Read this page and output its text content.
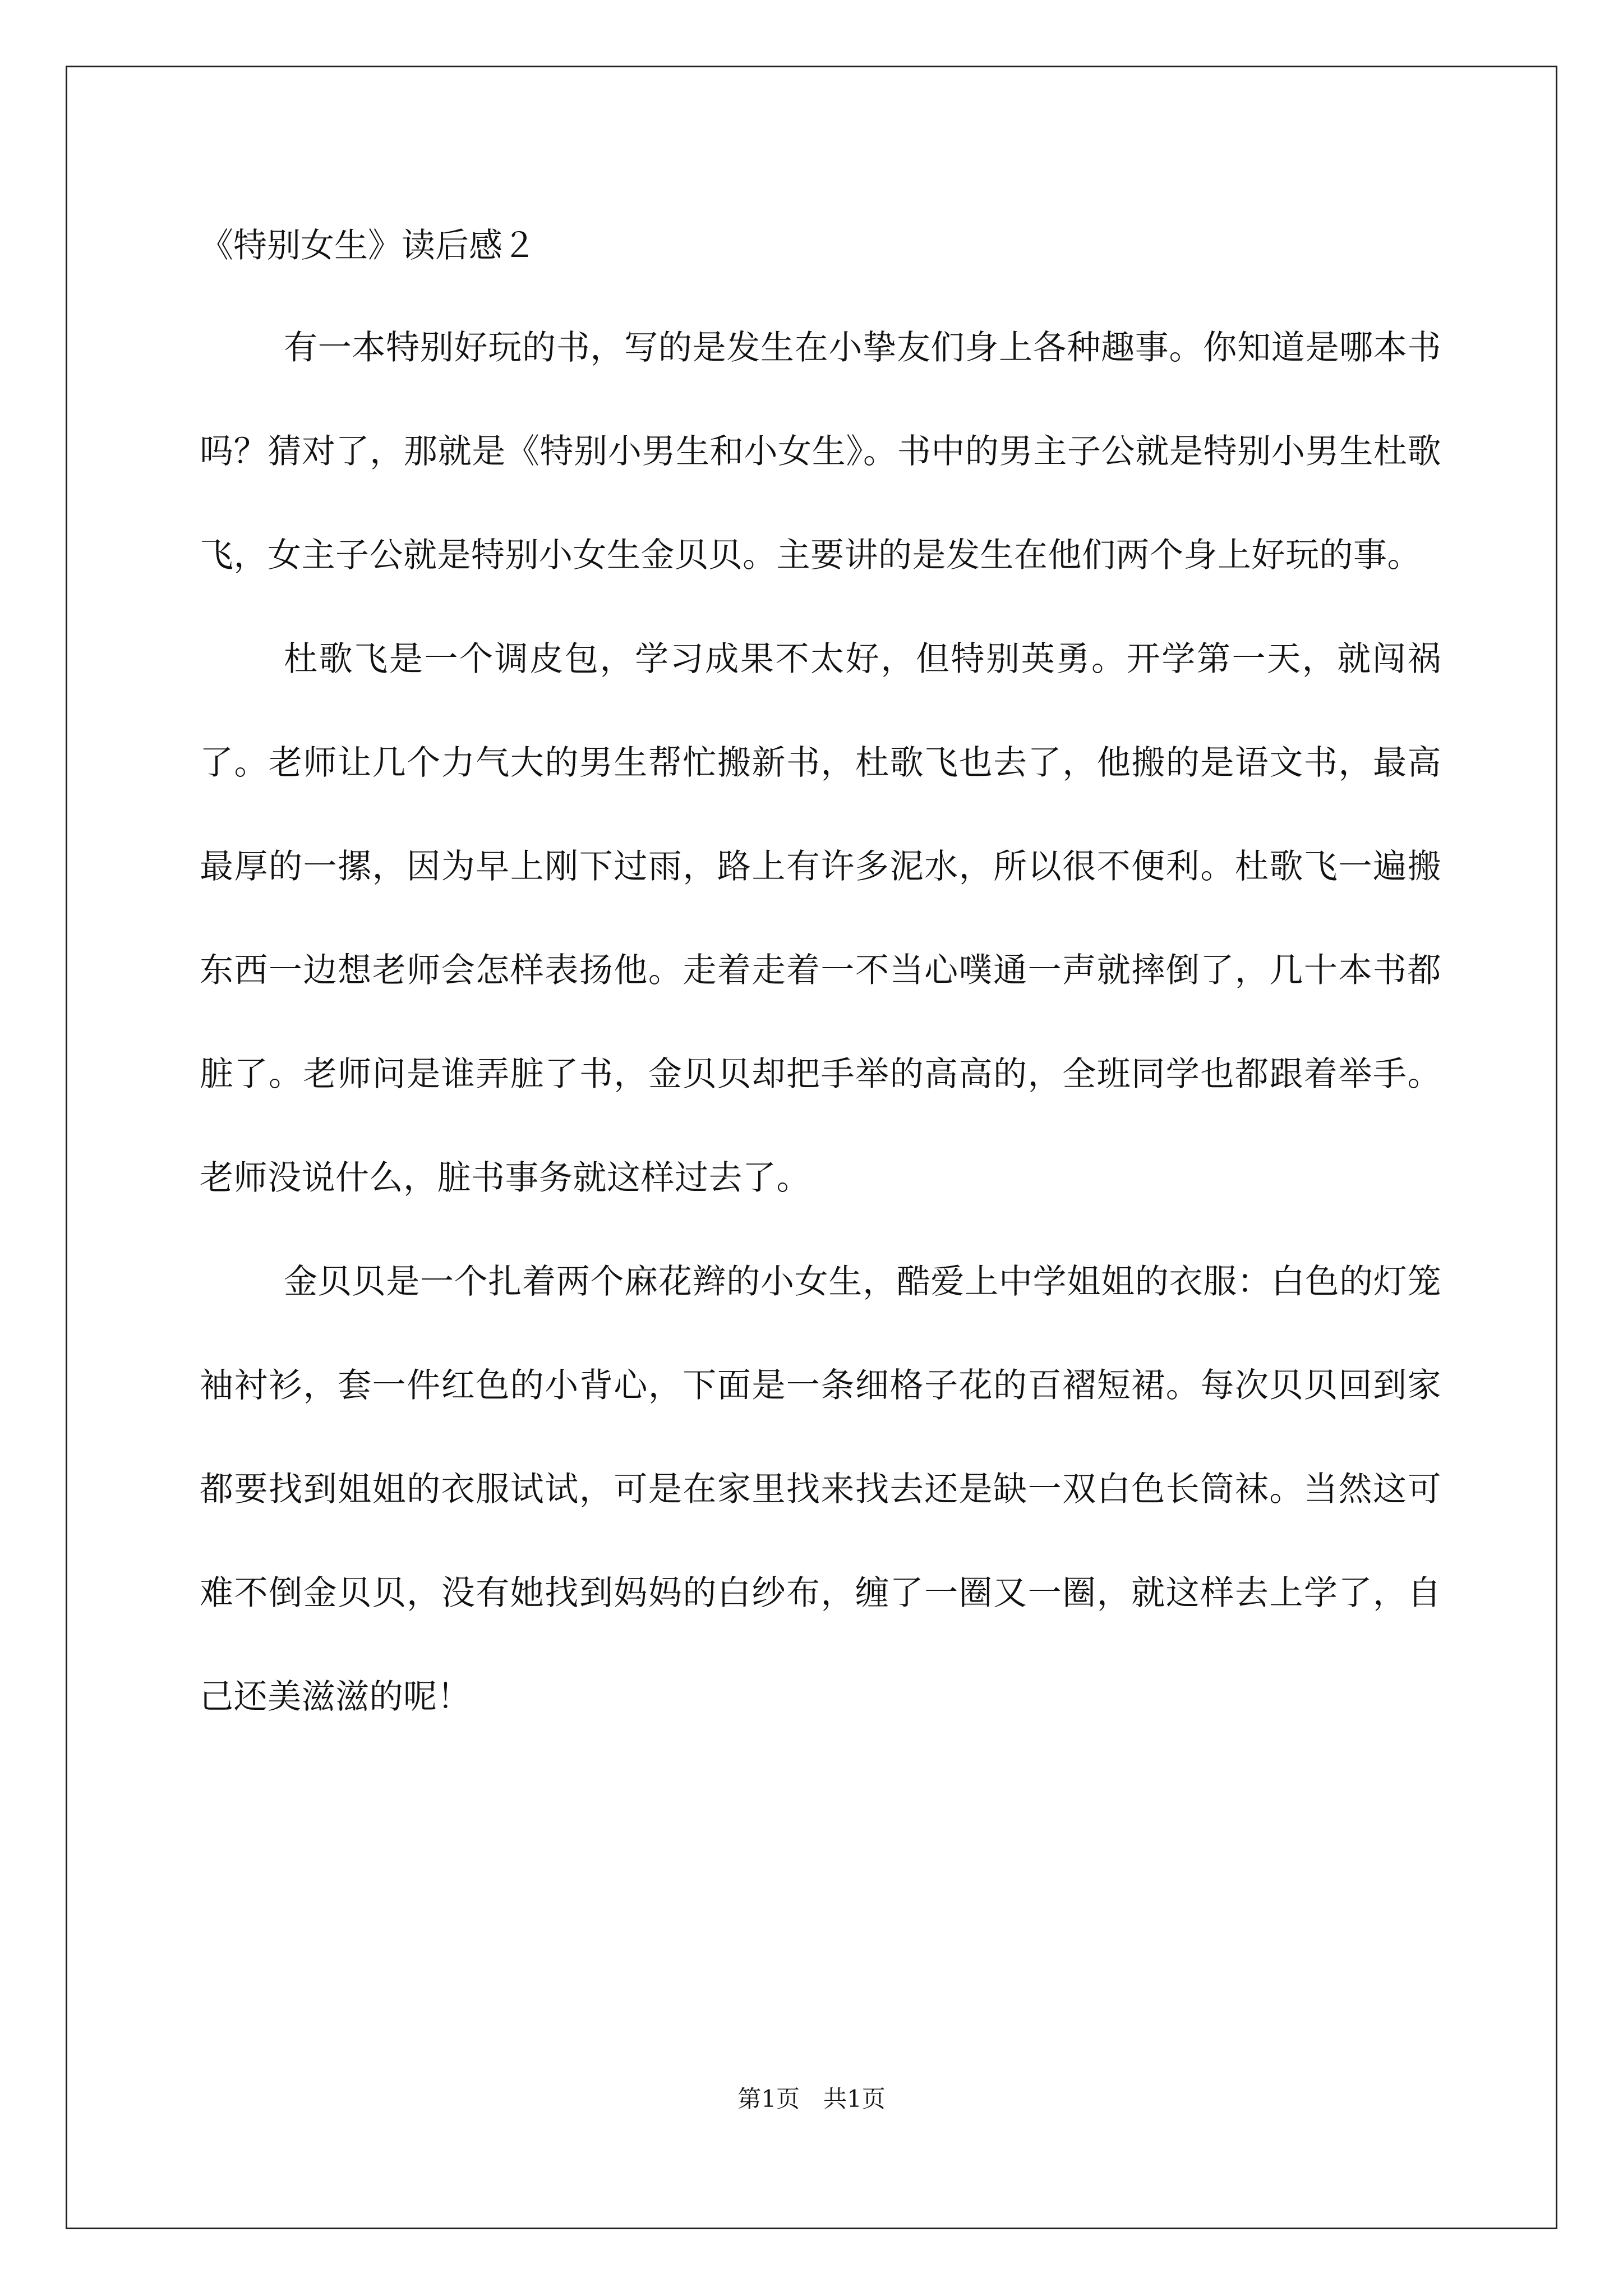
《特别女生》读后感２

有一本特别好玩的书，写的是发生在小挚友们身上各种趣事。你知道是哪本书吗？猜对了，那就是《特别小男生和小女生》。书中的男主子公就是特别小男生杜歌飞，女主子公就是特别小女生金贝贝。主要讲的是发生在他们两个身上好玩的事。

杜歌飞是一个调皮包，学习成果不太好，但特别英勇。开学第一天，就闯祸了。老师让几个力气大的男生帮忙搬新书，杜歌飞也去了，他搬的是语文书，最高最厚的一摞，因为早上刚下过雨，路上有许多泥水，所以很不便利。杜歌飞一遍搬东西一边想老师会怎样表扬他。走着走着一不当心噗通一声就摔倒了，几十本书都脏了。老师问是谁弄脏了书，金贝贝却把手举的高高的，全班同学也都跟着举手。老师没说什么，脏书事务就这样过去了。

金贝贝是一个扎着两个麻花辫的小女生，酷爱上中学姐姐的衣服：白色的灯笼袖衬衫，套一件红色的小背心，下面是一条细格子花的百褶短裙。每次贝贝回到家都要找到姐姐的衣服试试，可是在家里找来找去还是缺一双白色长筒袜。当然这可难不倒金贝贝，没有她找到妈妈的白纱布，缠了一圈又一圈，就这样去上学了，自己还美滋滋的呢！

第1页　共1页
